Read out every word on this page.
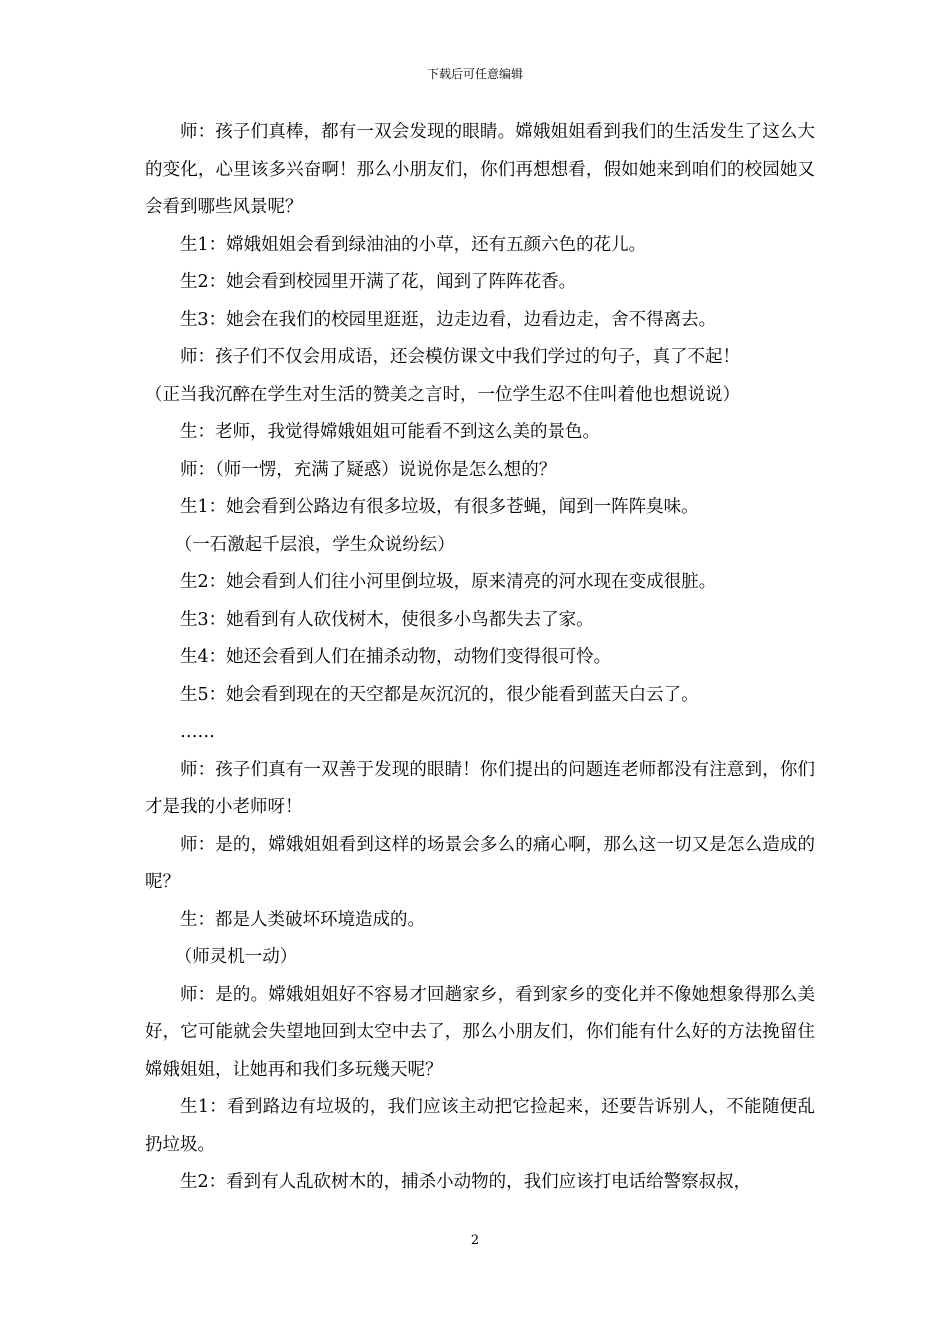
下载后可任意编辑

师：孩子们真棒，都有一双会发现的眼睛。嫦娥姐姐看到我们的生活发生了这么大的变化，心里该多兴奋啊！那么小朋友们，你们再想想看，假如她来到咱们的校园她又会看到哪些风景呢？

生1：嫦娥姐姐会看到绿油油的小草，还有五颜六色的花儿。

生2：她会看到校园里开满了花，闻到了阵阵花香。

生3：她会在我们的校园里逛逛，边走边看，边看边走，舍不得离去。

师：孩子们不仅会用成语，还会模仿课文中我们学过的句子，真了不起！

（正当我沉醉在学生对生活的赞美之言时，一位学生忍不住叫着他也想说说）

生：老师，我觉得嫦娥姐姐可能看不到这么美的景色。

师：（师一愣，充满了疑惑）说说你是怎么想的？

生1：她会看到公路边有很多垃圾，有很多苍蝇，闻到一阵阵臭味。

（一石激起千层浪，学生众说纷纭）

生2：她会看到人们往小河里倒垃圾，原来清亮的河水现在变成很脏。

生3：她看到有人砍伐树木，使很多小鸟都失去了家。

生4：她还会看到人们在捕杀动物，动物们变得很可怜。

生5：她会看到现在的天空都是灰沉沉的，很少能看到蓝天白云了。

……

师：孩子们真有一双善于发现的眼睛！你们提出的问题连老师都没有注意到，你们才是我的小老师呀！

师：是的，嫦娥姐姐看到这样的场景会多么的痛心啊，那么这一切又是怎么造成的呢？

生：都是人类破坏环境造成的。

（师灵机一动）

师：是的。嫦娥姐姐好不容易才回趟家乡，看到家乡的变化并不像她想象得那么美好，它可能就会失望地回到太空中去了，那么小朋友们，你们能有什么好的方法挽留住嫦娥姐姐，让她再和我们多玩幾天呢？

生1：看到路边有垃圾的，我们应该主动把它捡起来，还要告诉别人，不能随便乱扔垃圾。

生2：看到有人乱砍树木的，捕杀小动物的，我们应该打电话给警察叔叔，

2
